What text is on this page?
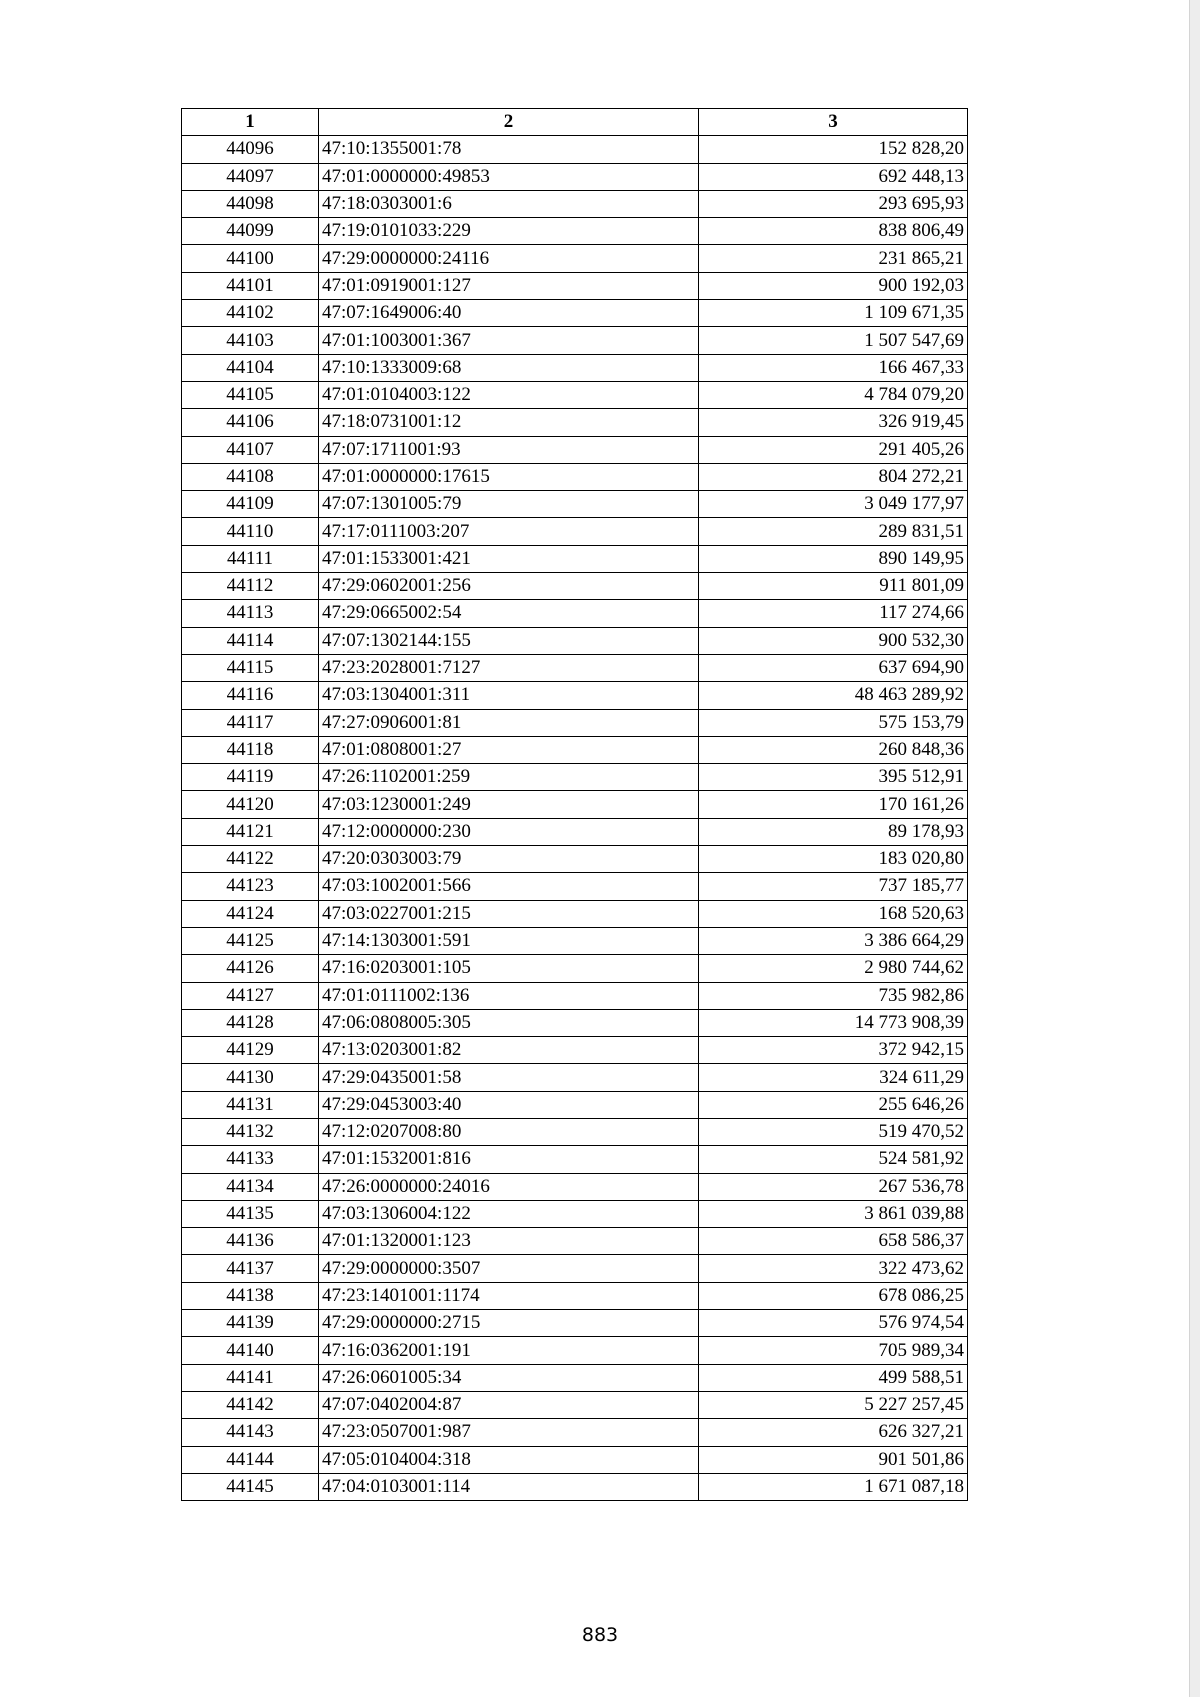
1	2	3
44096	47:10:1355001:78	152 828,20
44097	47:01:0000000:49853	692 448,13
44098	47:18:0303001:6	293 695,93
44099	47:19:0101033:229	838 806,49
44100	47:29:0000000:24116	231 865,21
44101	47:01:0919001:127	900 192,03
44102	47:07:1649006:40	1 109 671,35
44103	47:01:1003001:367	1 507 547,69
44104	47:10:1333009:68	166 467,33
44105	47:01:0104003:122	4 784 079,20
44106	47:18:0731001:12	326 919,45
44107	47:07:1711001:93	291 405,26
44108	47:01:0000000:17615	804 272,21
44109	47:07:1301005:79	3 049 177,97
44110	47:17:0111003:207	289 831,51
44111	47:01:1533001:421	890 149,95
44112	47:29:0602001:256	911 801,09
44113	47:29:0665002:54	117 274,66
44114	47:07:1302144:155	900 532,30
44115	47:23:2028001:7127	637 694,90
44116	47:03:1304001:311	48 463 289,92
44117	47:27:0906001:81	575 153,79
44118	47:01:0808001:27	260 848,36
44119	47:26:1102001:259	395 512,91
44120	47:03:1230001:249	170 161,26
44121	47:12:0000000:230	89 178,93
44122	47:20:0303003:79	183 020,80
44123	47:03:1002001:566	737 185,77
44124	47:03:0227001:215	168 520,63
44125	47:14:1303001:591	3 386 664,29
44126	47:16:0203001:105	2 980 744,62
44127	47:01:0111002:136	735 982,86
44128	47:06:0808005:305	14 773 908,39
44129	47:13:0203001:82	372 942,15
44130	47:29:0435001:58	324 611,29
44131	47:29:0453003:40	255 646,26
44132	47:12:0207008:80	519 470,52
44133	47:01:1532001:816	524 581,92
44134	47:26:0000000:24016	267 536,78
44135	47:03:1306004:122	3 861 039,88
44136	47:01:1320001:123	658 586,37
44137	47:29:0000000:3507	322 473,62
44138	47:23:1401001:1174	678 086,25
44139	47:29:0000000:2715	576 974,54
44140	47:16:0362001:191	705 989,34
44141	47:26:0601005:34	499 588,51
44142	47:07:0402004:87	5 227 257,45
44143	47:23:0507001:987	626 327,21
44144	47:05:0104004:318	901 501,86
44145	47:04:0103001:114	1 671 087,18
883
